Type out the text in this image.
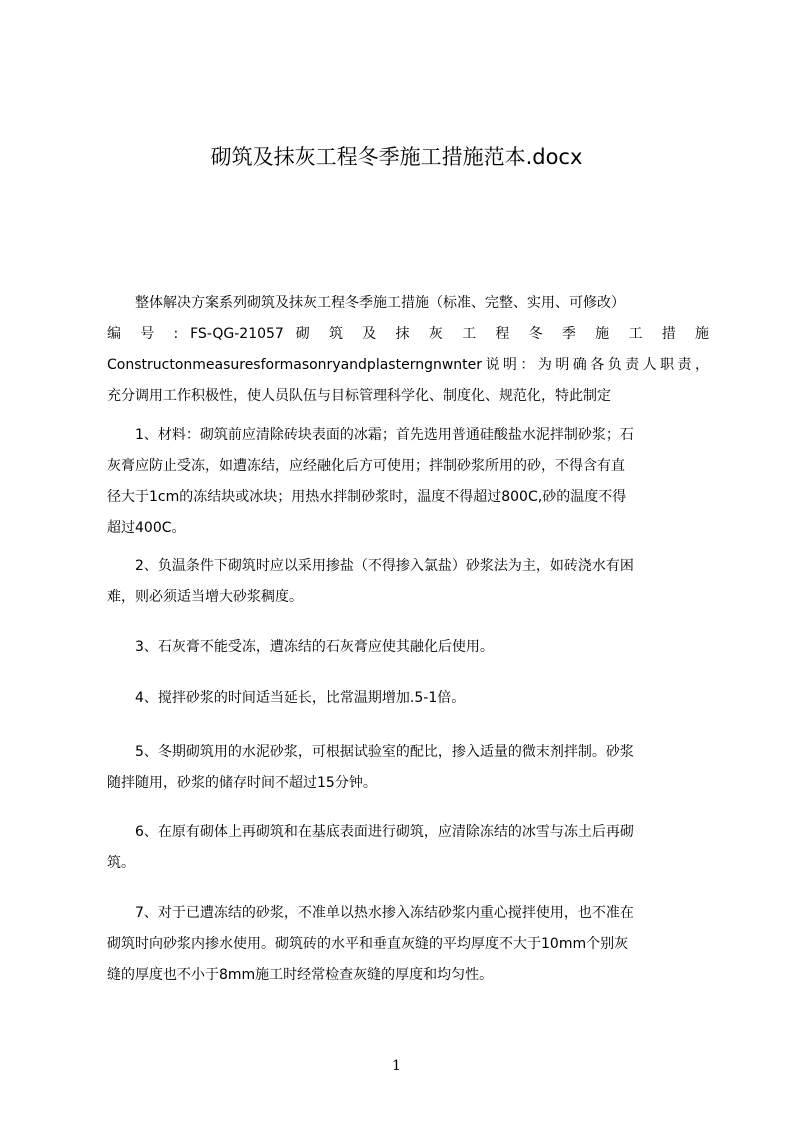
砌筑及抹灰工程冬季施工措施范本.docx
整体解决方案系列砌筑及抹灰工程冬季施工措施（标准、完整、实用、可修改）
编 号 : FS-QG-21057 砌 筑 及 抹 灰 工 程 冬 季 施 工 措 施
Constructonmeasuresformasonryandplasterngnwnter说明：为明确各负责人职责，
充分调用工作积极性，使人员队伍与目标管理科学化、制度化、规范化，特此制定
1、材料：砌筑前应清除砖块表面的冰霜；首先选用普通硅酸盐水泥拌制砂浆；石
灰膏应防止受冻，如遭冻结，应经融化后方可使用；拌制砂浆所用的砂，不得含有直
径大于1cm的冻结块或冰块；用热水拌制砂浆时，温度不得超过800C,砂的温度不得
超过400C。
2、负温条件下砌筑时应以采用掺盐（不得掺入氯盐）砂浆法为主，如砖浇水有困
难，则必须适当增大砂浆稠度。
3、石灰膏不能受冻，遭冻结的石灰膏应使其融化后使用。
4、搅拌砂浆的时间适当延长，比常温期增加.5-1倍。
5、冬期砌筑用的水泥砂浆，可根据试验室的配比，掺入适量的微末剂拌制。砂浆
随拌随用，砂浆的储存时间不超过15分钟。
6、在原有砌体上再砌筑和在基底表面进行砌筑，应清除冻结的冰雪与冻土后再砌
筑。
7、对于已遭冻结的砂浆，不准单以热水掺入冻结砂浆内重心搅拌使用，也不准在
砌筑时向砂浆内掺水使用。砌筑砖的水平和垂直灰缝的平均厚度不大于10mm个别灰
缝的厚度也不小于8mm施工时经常检查灰缝的厚度和均匀性。
1
